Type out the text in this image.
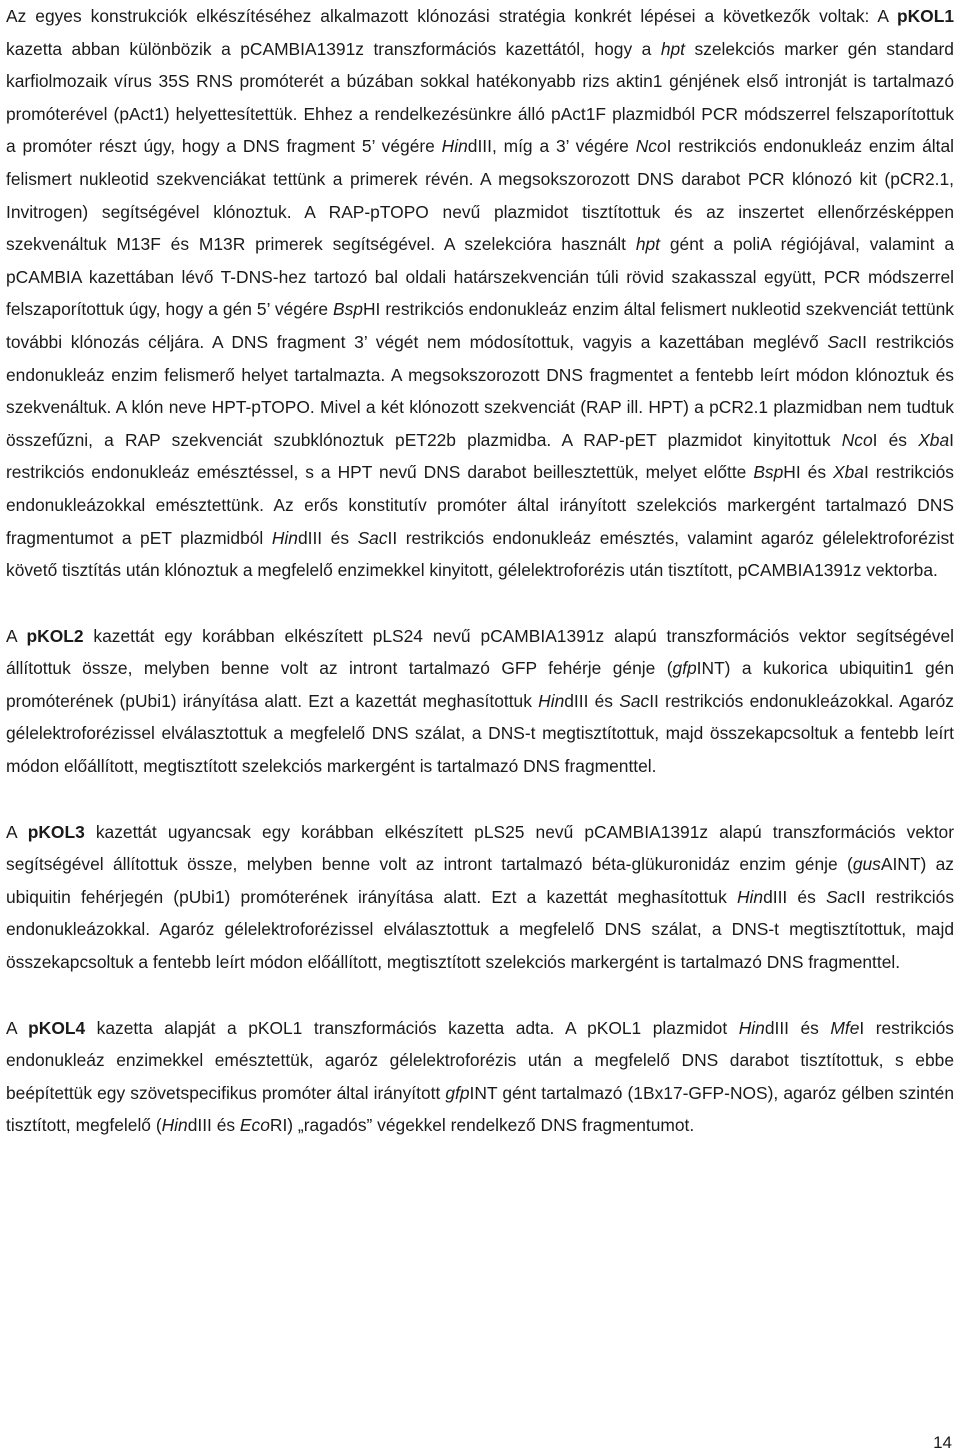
Az egyes konstrukciók elkészítéséhez alkalmazott klónozási stratégia konkrét lépései a következők voltak: A pKOL1 kazetta abban különbözik a pCAMBIA1391z transzformációs kazettától, hogy a hpt szelekciós marker gén standard karfiolmozaik vírus 35S RNS promóterét a búzában sokkal hatékonyabb rizs aktin1 génjének első intronját is tartalmazó promóterével (pAct1) helyettesítettük. Ehhez a rendelkezésünkre álló pAct1F plazmidból PCR módszerrel felszaporítottuk a promóter részt úgy, hogy a DNS fragment 5’ végére HindIII, míg a 3’ végére NcoI restrikciós endonukleáz enzim által felismert nukleotid szekvenciákat tettünk a primerek révén. A megsokszorozott DNS darabot PCR klónozó kit (pCR2.1, Invitrogen) segítségével klónoztuk. A RAP-pTOPO nevű plazmidot tisztítottuk és az inszertet ellenőrzésképpen szekvenáltuk M13F és M13R primerek segítségével. A szelekcióra használt hpt gént a poliA régiójával, valamint a pCAMBIA kazettában lévő T-DNS-hez tartozó bal oldali határszekvencián túli rövid szakasszal együtt, PCR módszerrel felszaporítottuk úgy, hogy a gén 5’ végére BspHI restrikciós endonukleáz enzim által felismert nukleotid szekvenciát tettünk további klónozás céljára. A DNS fragment 3’ végét nem módosítottuk, vagyis a kazettában meglévő SacII restrikciós endonukleáz enzim felismerő helyet tartalmazta. A megsokszorozott DNS fragmentet a fentebb leírt módon klónoztuk és szekvenáltuk. A klón neve HPT-pTOPO. Mivel a két klónozott szekvenciát (RAP ill. HPT) a pCR2.1 plazmidban nem tudtuk összefűzni, a RAP szekvenciát szubklónoztuk pET22b plazmidba. A RAP-pET plazmidot kinyitottuk NcoI és XbaI restrikciós endonukleáz emésztéssel, s a HPT nevű DNS darabot beillesztettük, melyet előtte BspHI és XbaI restrikciós endonukleázokkal emésztettünk. Az erős konstitutív promóter által irányított szelekciós markergént tartalmazó DNS fragmentumot a pET plazmidból HindIII és SacII restrikciós endonukleáz emésztés, valamint agaróz gélelektroforézist követő tisztítás után klónoztuk a megfelelő enzimekkel kinyitott, gélelektroforézis után tisztított, pCAMBIA1391z vektorba.

A pKOL2 kazettát egy korábban elkészített pLS24 nevű pCAMBIA1391z alapú transzformációs vektor segítségével állítottuk össze, melyben benne volt az intront tartalmazó GFP fehérje génje (gfpINT) a kukorica ubiquitin1 gén promóterének (pUbi1) irányítása alatt. Ezt a kazettát meghasítottuk HindIII és SacII restrikciós endonukleázokkal. Agaróz gélelektroforézissel elválasztottuk a megfelelő DNS szálat, a DNS-t megtisztítottuk, majd összekapcsoltuk a fentebb leírt módon előállított, megtisztított szelekciós markergént is tartalmazó DNS fragmenttel.

A pKOL3 kazettát ugyancsak egy korábban elkészített pLS25 nevű pCAMBIA1391z alapú transzformációs vektor segítségével állítottuk össze, melyben benne volt az intront tartalmazó béta-glükuronidáz enzim génje (gusAINT) az ubiquitin fehérjegén (pUbi1) promóterének irányítása alatt. Ezt a kazettát meghasítottuk HindIII és SacII restrikciós endonukleázokkal. Agaróz gélelektroforézissel elválasztottuk a megfelelő DNS szálat, a DNS-t megtisztítottuk, majd összekapcsoltuk a fentebb leírt módon előállított, megtisztított szelekciós markergént is tartalmazó DNS fragmenttel.

A pKOL4 kazetta alapját a pKOL1 transzformációs kazetta adta. A pKOL1 plazmidot HindIII és MfeI restrikciós endonukleáz enzimekkel emésztettük, agaróz gélelektroforézis után a megfelelő DNS darabot tisztítottuk, s ebbe beépítettük egy szövetspecifikus promóter által irányított gfpINT gént tartalmazó (1Bx17-GFP-NOS), agaróz gélben szintén tisztított, megfelelő (HindIII és EcoRI) „ragadós” végekkel rendelkező DNS fragmentumot.

14
